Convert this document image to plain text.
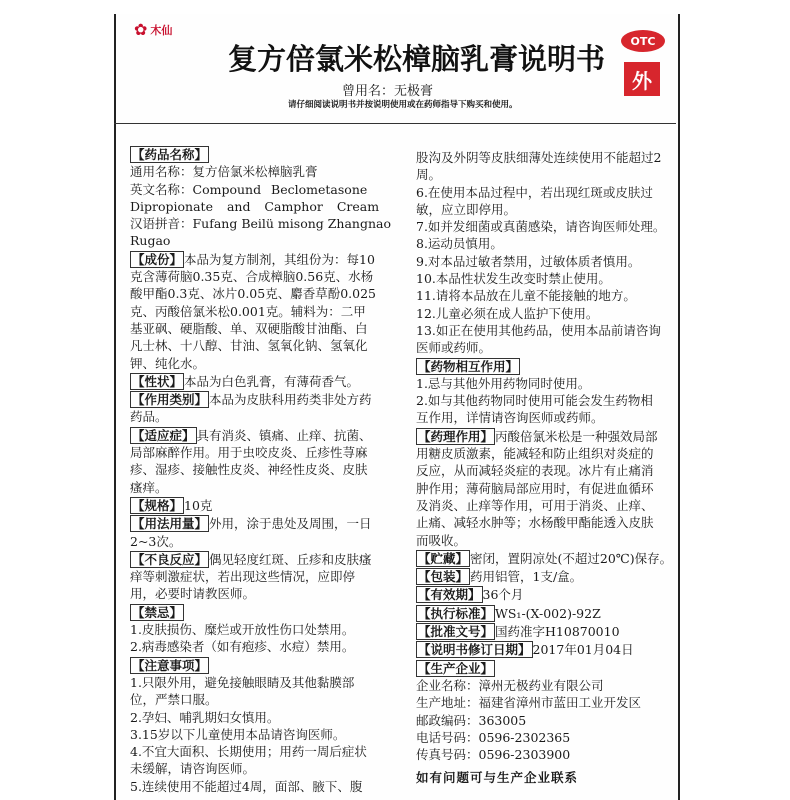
✿ 木仙
复方倍氯米松樟脑乳膏说明书
曾用名：无极膏
请仔细阅读说明书并按说明使用或在药师指导下购买和使用。
OTC
外
【药品名称】
通用名称：复方倍氯米松樟脑乳膏
英文名称：Compound Beclometasone
Dipropionate and Camphor Cream
汉语拼音：Fufang Beilü misong Zhangnao
Rugao
【成份】 本品为复方制剂，其组份为：每10
克含薄荷脑0.35克、合成樟脑0.56克、水杨
酸甲酯0.3克、冰片0.05克、麝香草酚0.025
克、丙酸倍氯米松0.001克。辅料为：二甲
基亚砜、硬脂酸、单、双硬脂酸甘油酯、白
凡士林、十八醇、甘油、氢氧化钠、氢氧化
钾、纯化水。
【性状】 本品为白色乳膏，有薄荷香气。
【作用类别】 本品为皮肤科用药类非处方药
药品。
【适应症】 具有消炎、镇痛、止痒、抗菌、
局部麻醉作用。用于虫咬皮炎、丘疹性荨麻
疹、湿疹、接触性皮炎、神经性皮炎、皮肤
瘙痒。
【规格】 10克
【用法用量】 外用，涂于患处及周围，一日
2~3次。
【不良反应】 偶见轻度红斑、丘疹和皮肤瘙
痒等刺激症状，若出现这些情况，应即停
用，必要时请教医师。
【禁忌】
1.皮肤损伤、糜烂或开放性伤口处禁用。
2.病毒感染者（如有疱疹、水痘）禁用。
【注意事项】
1.只限外用，避免接触眼睛及其他黏膜部
位，严禁口服。
2.孕妇、哺乳期妇女慎用。
3.15岁以下儿童使用本品请咨询医师。
4.不宜大面积、长期使用；用药一周后症状
未缓解，请咨询医师。
5.连续使用不能超过4周，面部、腋下、腹
股沟及外阴等皮肤细薄处连续使用不能超过2
周。
6.在使用本品过程中，若出现红斑或皮肤过
敏，应立即停用。
7.如并发细菌或真菌感染，请咨询医师处理。
8.运动员慎用。
9.对本品过敏者禁用，过敏体质者慎用。
10.本品性状发生改变时禁止使用。
11.请将本品放在儿童不能接触的地方。
12.儿童必须在成人监护下使用。
13.如正在使用其他药品，使用本品前请咨询
医师或药师。
【药物相互作用】
1.忌与其他外用药物同时使用。
2.如与其他药物同时使用可能会发生药物相
互作用，详情请咨询医师或药师。
【药理作用】 丙酸倍氯米松是一种强效局部
用糖皮质激素，能减轻和防止组织对炎症的
反应，从而减轻炎症的表现。冰片有止痛消
肿作用；薄荷脑局部应用时，有促进血循环
及消炎、止痒等作用，可用于消炎、止痒、
止痛、减轻水肿等；水杨酸甲酯能透入皮肤
而吸收。
【贮藏】 密闭，置阴凉处(不超过20℃)保存。
【包装】 药用铝管，1支/盒。
【有效期】 36个月
【执行标准】 WS₁-(X-002)-92Z
【批准文号】 国药准字H10870010
【说明书修订日期】 2017年01月04日
【生产企业】
企业名称：漳州无极药业有限公司
生产地址：福建省漳州市蓝田工业开发区
邮政编码：363005
电话号码：0596-2302365
传真号码：0596-2303900
如有问题可与生产企业联系
